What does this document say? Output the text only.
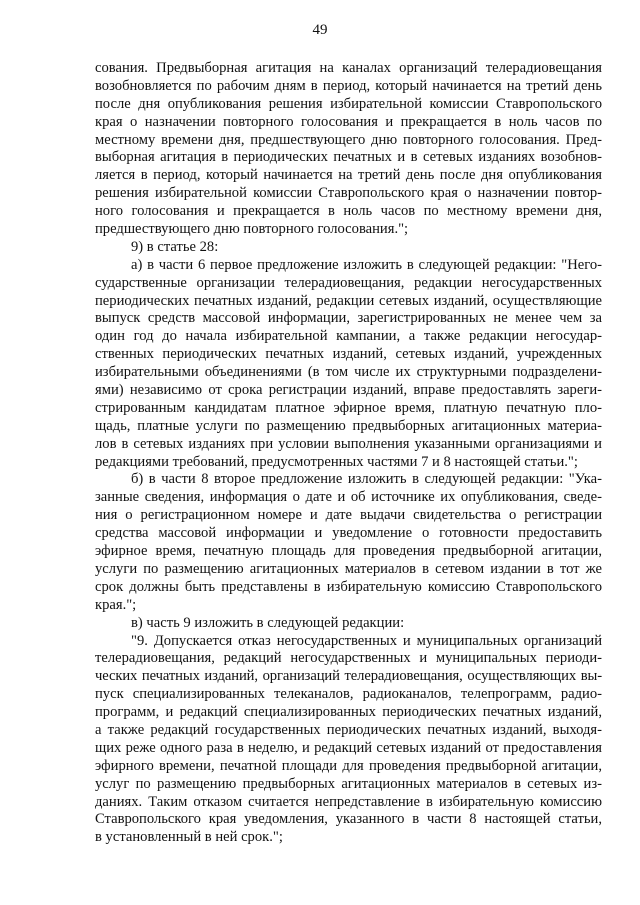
49
сования. Предвыборная агитация на каналах организаций телерадиовещания
возобновляется по рабочим дням в период, который начинается на третий день
после дня опубликования решения избирательной комиссии Ставропольского
края о назначении повторного голосования и прекращается в ноль часов по
местному времени дня, предшествующего дню повторного голосования. Пред-
выборная агитация в периодических печатных и в сетевых изданиях возобнов-
ляется в период, который начинается на третий день после дня опубликования
решения избирательной комиссии Ставропольского края о назначении повтор-
ного голосования и прекращается в ноль часов по местному времени дня,
предшествующего дню повторного голосования.";
9) в статье 28:
а) в части 6 первое предложение изложить в следующей редакции: "Него-
сударственные организации телерадиовещания, редакции негосударственных
периодических печатных изданий, редакции сетевых изданий, осуществляющие
выпуск средств массовой информации, зарегистрированных не менее чем за
один год до начала избирательной кампании, а также редакции негосудар-
ственных периодических печатных изданий, сетевых изданий, учрежденных
избирательными объединениями (в том числе их структурными подразделени-
ями) независимо от срока регистрации изданий, вправе предоставлять зареги-
стрированным кандидатам платное эфирное время, платную печатную пло-
щадь, платные услуги по размещению предвыборных агитационных материа-
лов в сетевых изданиях при условии выполнения указанными организациями и
редакциями требований, предусмотренных частями 7 и 8 настоящей статьи.";
б) в части 8 второе предложение изложить в следующей редакции: "Ука-
занные сведения, информация о дате и об источнике их опубликования, сведе-
ния о регистрационном номере и дате выдачи свидетельства о регистрации
средства массовой информации и уведомление о готовности предоставить
эфирное время, печатную площадь для проведения предвыборной агитации,
услуги по размещению агитационных материалов в сетевом издании в тот же
срок должны быть представлены в избирательную комиссию Ставропольского
края.";
в) часть 9 изложить в следующей редакции:
"9. Допускается отказ негосударственных и муниципальных организаций
телерадиовещания, редакций негосударственных и муниципальных периоди-
ческих печатных изданий, организаций телерадиовещания, осуществляющих вы-
пуск специализированных телеканалов, радиоканалов, телепрограмм, радио-
программ, и редакций специализированных периодических печатных изданий,
а также редакций государственных периодических печатных изданий, выходя-
щих реже одного раза в неделю, и редакций сетевых изданий от предоставления
эфирного времени, печатной площади для проведения предвыборной агитации,
услуг по размещению предвыборных агитационных материалов в сетевых из-
даниях. Таким отказом считается непредставление в избирательную комиссию
Ставропольского края уведомления, указанного в части 8 настоящей статьи,
в установленный в ней срок.";
